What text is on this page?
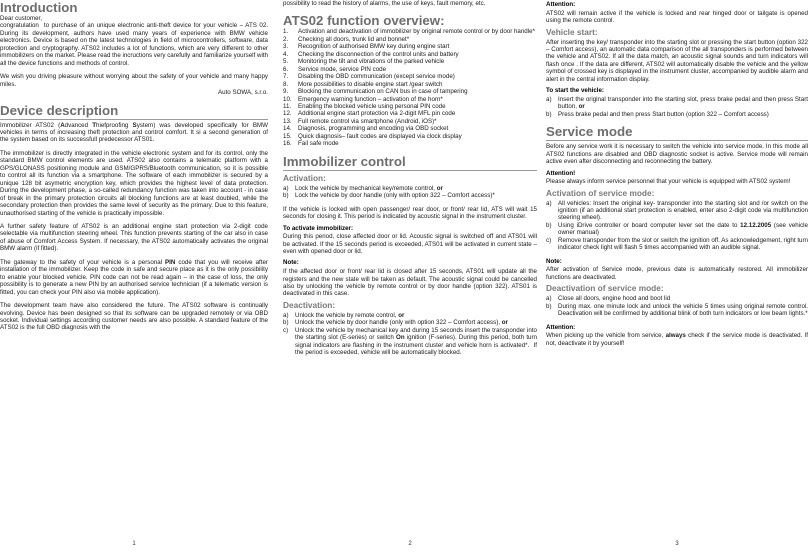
Introduction

Dear customer,
congratulation  to purchase of an unique electronic anti-theft device for your vehicle – ATS 02. During its development, authors have used many years of experience with BMW vehicle electronics. Device is based on the latest technologies in field of microcontrollers, software, data protection and cryptography. ATS02 includes a lot of functions, which are very different to other immobilizers on the market. Please read the incructions very carefully and familiarize yourself with all the device functions and methods of control.

We wish you driving pleasure without worrying about the safety of your vehicle and many happy miles.

Auto SOWA, s.r.o.

Device description

Immobilizer ATS02 (Advanced Thiefproofing System) was developed specifically for BMW vehicles in terms of increasing theft protection and control comfort. It si a second generation of the system based on its successfull predecessor ATS01.

The immobilizer is directly integrated in the vehicle electronic system and for its control, only the standard BMW control elements are used. ATS02 also contains a telematic platform with a GPS/GLONASS positioning module and GSM/GPRS/Bluetooth communication, so it is possible to control all its function via a smartphone. The software of each immobilizer is secured by a unique 128 bit asymetric encryption key, which provides the highest level of data protection. During the development phase, a so-called redundancy function was taken into account - in case of break in the primary protection circuits all blocking functions are at least doubled, while the secondary protection then provides the same level of security as the primary. Due to this feature, unauthorised starting of the vehicle is practically impossible.

A further safety feature of ATS02 is an additional engine start protection via 2-digit code selectable via multifunction steering wheel. This function prevents starting of the car also in case of abuse of Comfort Access System. If necessary, the ATS02 automatically activates the original BMW alarm (if fitted).

The gateway to the safety of your vehicle is a personal PIN code that you will receive after installation of the immobilizer. Keep the code in safe and secure place as it is the only possibility to enable your blocked vehicle. PIN code can not be read again – in the case of loss, the only possibility is to generate a new PIN by an authorised service technician (if a telematic version is fitted, you can check your PIN also via mobile application).

The development team have also considered the future. The ATS02 software is continually evolving. Device has been designed so that its software can be upgraded remotely or via OBD socket. Individual settings according customer needs are also possible. A standard feature of the ATS02 is the full OBD diagnosis with the

1

possibility to read the history of alarms, the use of keys, fault memory, etc.

ATS02 function overview:
1.	Activation and deactivation of immobilizer by original remote control or by door handle*
2.	Checking all doors, trunk lid and bonnet*
3.	Recognition of authorised BMW key during engine start
4.	Checking the disconnection of the control units and battery
5.	Monitoring the tilt and vibrations of the parked vehicle
6.	Service mode, service PIN code
7.	Disabling the OBD communication (except service mode)
8.	More possibilities to disable engine start /gear switch
9.	Blocking the communication on CAN bus in case of tampering
10.	Emergency warning function – activation of the horn*
11.	Enabling the blocked vehicle using personal PIN code
12.	Additional engine start protection via 2-digit MFL pin code
13.	Full remote control via smartphone (Android, iOS)*
14.	Diagnosis, programming and encoding via OBD socket
15.	Quick diagnosis– fault codes are displayed via clock display
16.	Fail safe mode
Immobilizer control
Activation:
a)	Lock the vehicle by mechanical key/remote control, or
b)	Lock the vehicle by door handle (only with option 322 – Comfort access)*

If the vehicle is locked with open passenger/ rear door, or front/ rear lid, ATS will wait 15 seconds for closing it. This period is indicated by acoustic signal in the instrument cluster.

To activate immobilizer:

During this period, close affected door or lid. Acoustic signal is switched off and ATS01 will be activated. If the 15 seconds period is exceeded, ATS01 will be activated in current state – even with opened door or lid.

Note:

If the affected door or front/ rear lid is closed after 15 seconds, ATS01 will update all the registers and the new state will be taken as default. The acoustic signal could be cancelled also by unlocking the vehicle by remote control or by door handle (option 322). ATS01 is deactivated in this case.

Deactivation:
a)	Unlock the vehicle by remote control, or
b)	Unlock the vehicle by door handle (only with option 322 – Comfort access), or
c)	Unlock the vehicle by mechanical key and during 15 seconds insert the transponder into the starting slot (E-series) or switch On ignition (F-series). During this period, both turn signal indicators are flashing in the instrument cluster and vehicle horn is activated*.  If the period is exceeded, vehicle will be automatically blocked.
2
Attention:

ATS02 will remain active if the vehicle is locked and rear hinged door or tailgate is opened using the remote control.

Vehicle start:

After inserting the key/ transponder into the starting slot or pressing the start button (option 322 – Comfort access), an automatic data comparison of the all transponders is performed between the vehicle and ATS02. If all the data match, an acoustic signal sounds and turn indicators will flash once . If the data are different, ATS02 will automatically disable the vehicle and the yellow symbol of crossed key is displayed in the instrument cluster, accompanied by audible alarm and alert in the central information display.

To start the vehicle:
a)	Insert the original transponder into the starting slot, press brake pedal and then press Start button, or
b)	Press brake pedal and then press Start button (option 322 – Comfort access)
Service mode

Before any service work it is necessary to switch the vehicle into service mode. In this mode all ATS02 functions are disabled and OBD diagnostic socket is active. Service mode will remain active even after disconnecting and reconnecting the battery.

Attention!

Please always inform service personnel that your vehicle is equipped with ATS02 system!

Activation of service mode:
a)	All vehicles: Insert the original key- transponder into the starting slot and /or switch on the ignition (if an additional start protection is enabled, enter also 2-digit code via multifunction steering wheel).
b)	Using iDrive controller or board computer lever set the date to 12.12.2005 (see vehicle owner manual)
c)	Remove transponder from the slot or switch the ignition off. As acknowledgement, right turn indicator check light will flash 5 times accompanied with an audible signal.
Note:

After activation of Service mode, previous date is automatically restored. All immobilizer functions are deactivated.

Deactivation of service mode:
a)	Close all doors, engine hood and boot lid
b)	During max. one minute lock and unlock the vehicle 5 times using original remote control. Deactivation will be confirmed by additional blink of both turn indicators or low beam lights.*
Attention:

When picking up the vehicle from service, always check if the service mode is deactivated. If not, deactivate it by yourself!

3
